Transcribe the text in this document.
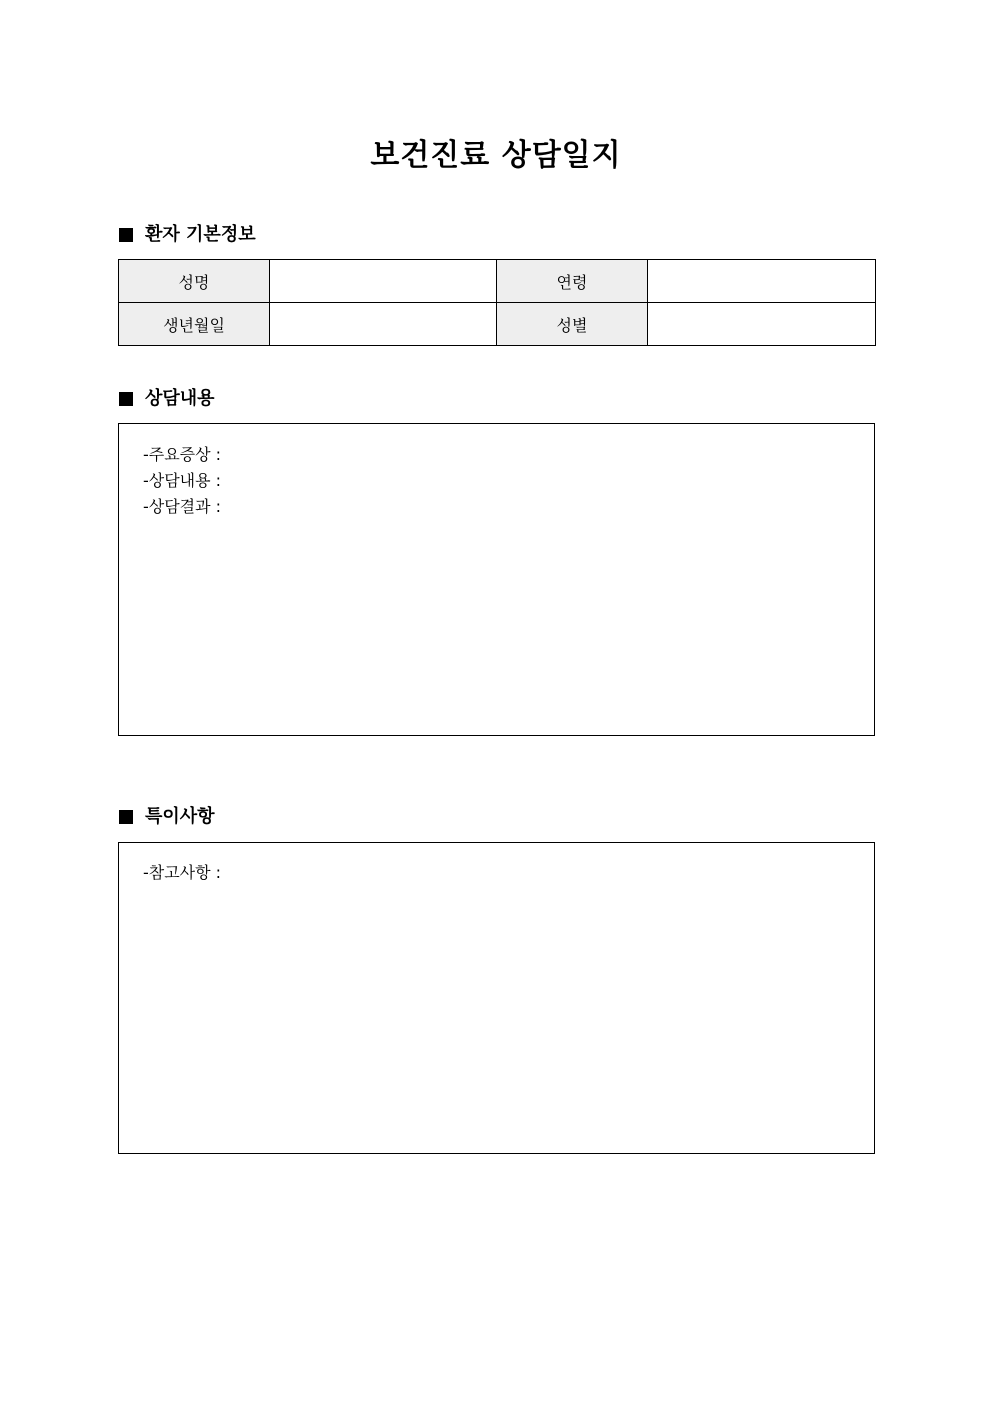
보건진료 상담일지
환자 기본정보
성명		연령	
생년월일		성별	
상담내용
-주요증상 :
-상담내용 :
-상담결과 :
특이사항
-참고사항 :
